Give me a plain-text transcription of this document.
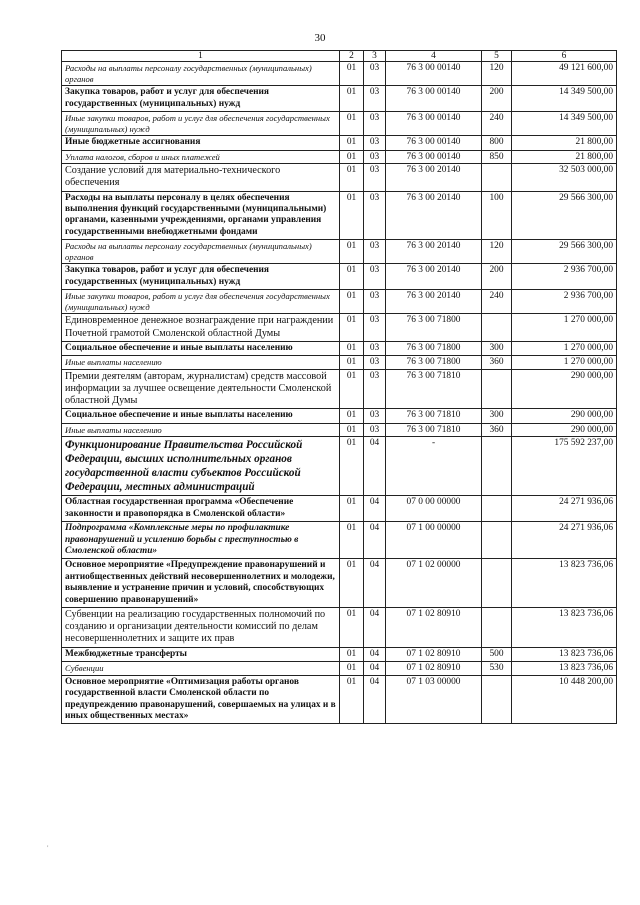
30
1	2	3	4	5	6
Расходы на выплаты персоналу государственных (муниципальных) органов	01	03	76 3 00 00140	120	49 121 600,00
Закупка товаров, работ и услуг для обеспечения государственных (муниципальных) нужд	01	03	76 3 00 00140	200	14 349 500,00
Иные закупки товаров, работ и услуг для обеспечения государственных (муниципальных) нужд	01	03	76 3 00 00140	240	14 349 500,00
Иные бюджетные ассигнования	01	03	76 3 00 00140	800	21 800,00
Уплата налогов, сборов и иных платежей	01	03	76 3 00 00140	850	21 800,00
Создание условий для материально-технического обеспечения	01	03	76 3 00 20140		32 503 000,00
Расходы на выплаты персоналу в целях обеспечения выполнения функций государственными (муниципальными) органами, казенными учреждениями, органами управления государственными внебюджетными фондами	01	03	76 3 00 20140	100	29 566 300,00
Расходы на выплаты персоналу государственных (муниципальных) органов	01	03	76 3 00 20140	120	29 566 300,00
Закупка товаров, работ и услуг для обеспечения государственных (муниципальных) нужд	01	03	76 3 00 20140	200	2 936 700,00
Иные закупки товаров, работ и услуг для обеспечения государственных (муниципальных) нужд	01	03	76 3 00 20140	240	2 936 700,00
Единовременное денежное вознаграждение при награждении Почетной грамотой Смоленской областной Думы	01	03	76 3 00 71800		1 270 000,00
Социальное обеспечение и иные выплаты населению	01	03	76 3 00 71800	300	1 270 000,00
Иные выплаты населению	01	03	76 3 00 71800	360	1 270 000,00
Премии деятелям (авторам, журналистам) средств массовой информации за лучшее освещение деятельности Смоленской областной Думы	01	03	76 3 00 71810		290 000,00
Социальное обеспечение и иные выплаты населению	01	03	76 3 00 71810	300	290 000,00
Иные выплаты населению	01	03	76 3 00 71810	360	290 000,00
Функционирование Правительства Российской Федерации, высших исполнительных органов государственной власти субъектов Российской Федерации, местных администраций	01	04	-		175 592 237,00
Областная государственная программа «Обеспечение законности и правопорядка в Смоленской области»	01	04	07 0 00 00000		24 271 936,06
Подпрограмма «Комплексные меры по профилактике правонарушений и усилению борьбы с преступностью в Смоленской области»	01	04	07 1 00 00000		24 271 936,06
Основное мероприятие «Предупреждение правонарушений и антиобщественных действий несовершеннолетних и молодежи, выявление и устранение причин и условий, способствующих совершению правонарушений»	01	04	07 1 02 00000		13 823 736,06
Субвенции на реализацию государственных полномочий по созданию и организации деятельности комиссий по делам несовершеннолетних и защите их прав	01	04	07 1 02 80910		13 823 736,06
Межбюджетные трансферты	01	04	07 1 02 80910	500	13 823 736,06
Субвенции	01	04	07 1 02 80910	530	13 823 736,06
Основное мероприятие «Оптимизация работы органов государственной власти Смоленской области по предупреждению правонарушений, совершаемых на улицах и в иных общественных местах»	01	04	07 1 03 00000		10 448 200,00
,
